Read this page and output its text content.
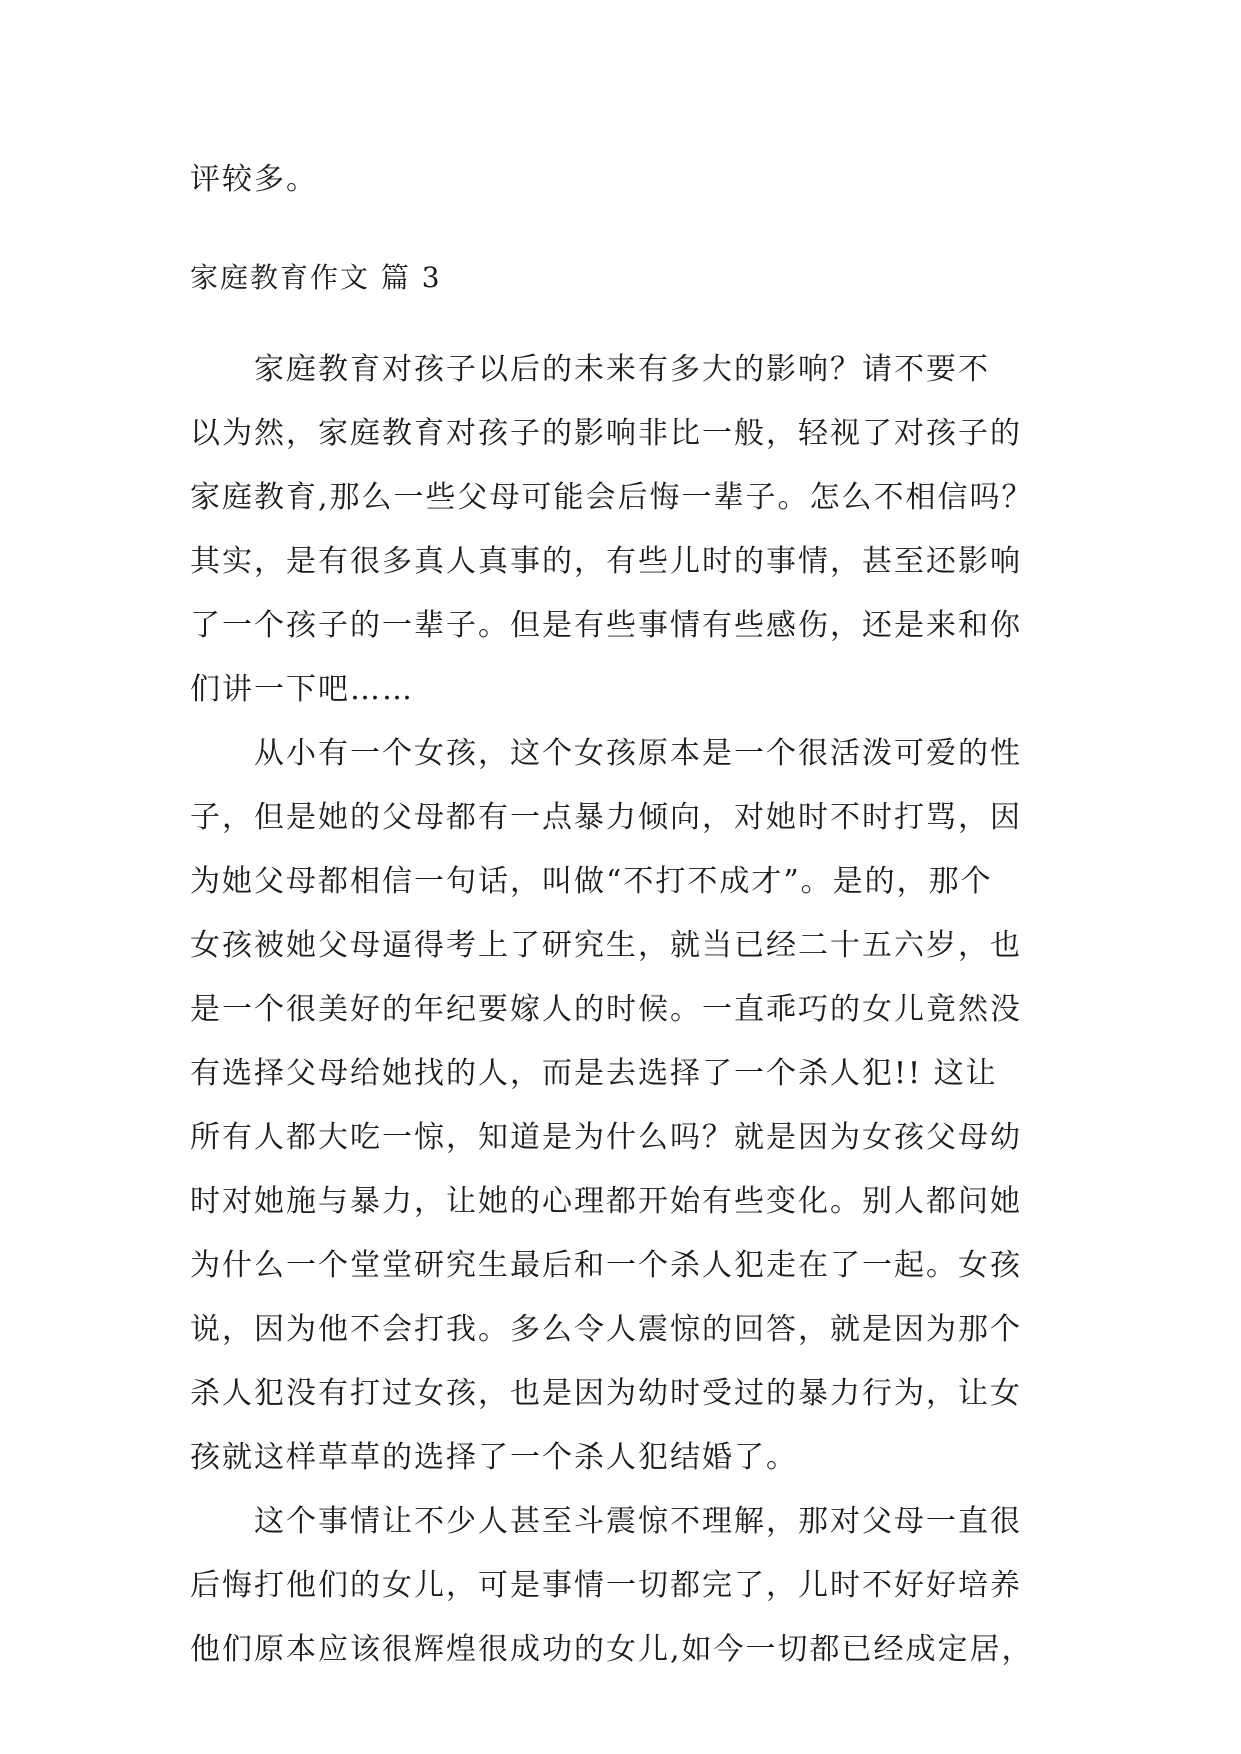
评较多。
家庭教育作文 篇 3
　　家庭教育对孩子以后的未来有多大的影响？请不要不
以为然，家庭教育对孩子的影响非比一般，轻视了对孩子的
家庭教育,那么一些父母可能会后悔一辈子。怎么不相信吗？
其实，是有很多真人真事的，有些儿时的事情，甚至还影响
了一个孩子的一辈子。但是有些事情有些感伤，还是来和你
们讲一下吧……
　　从小有一个女孩，这个女孩原本是一个很活泼可爱的性
子，但是她的父母都有一点暴力倾向，对她时不时打骂，因
为她父母都相信一句话，叫做“不打不成才”。是的，那个
女孩被她父母逼得考上了研究生，就当已经二十五六岁，也
是一个很美好的年纪要嫁人的时候。一直乖巧的女儿竟然没
有选择父母给她找的人，而是去选择了一个杀人犯!! 这让
所有人都大吃一惊，知道是为什么吗？就是因为女孩父母幼
时对她施与暴力，让她的心理都开始有些变化。别人都问她
为什么一个堂堂研究生最后和一个杀人犯走在了一起。女孩
说，因为他不会打我。多么令人震惊的回答，就是因为那个
杀人犯没有打过女孩，也是因为幼时受过的暴力行为，让女
孩就这样草草的选择了一个杀人犯结婚了。
　　这个事情让不少人甚至斗震惊不理解，那对父母一直很
后悔打他们的女儿，可是事情一切都完了，儿时不好好培养
他们原本应该很辉煌很成功的女儿,如今一切都已经成定居，
